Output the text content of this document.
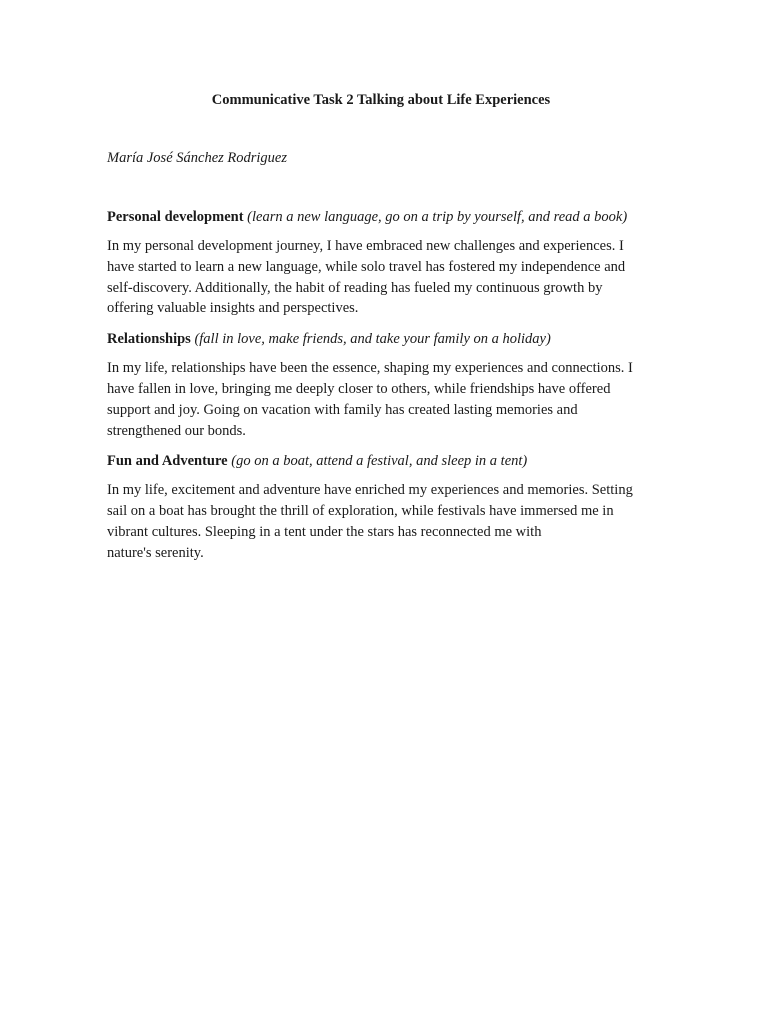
Communicative Task 2 Talking about Life Experiences

María José Sánchez Rodriguez

Personal development (learn a new language, go on a trip by yourself, and read a book)

In my personal development journey, I have embraced new challenges and experiences. I
have started to learn a new language, while solo travel has fostered my independence and
self-discovery. Additionally, the habit of reading has fueled my continuous growth by
offering valuable insights and perspectives.

Relationships (fall in love, make friends, and take your family on a holiday)

In my life, relationships have been the essence, shaping my experiences and connections. I
have fallen in love, bringing me deeply closer to others, while friendships have offered
support and joy. Going on vacation with family has created lasting memories and
strengthened our bonds.

Fun and Adventure (go on a boat, attend a festival, and sleep in a tent)

In my life, excitement and adventure have enriched my experiences and memories. Setting
sail on a boat has brought the thrill of exploration, while festivals have immersed me in
vibrant cultures. Sleeping in a tent under the stars has reconnected me with
nature's serenity.
